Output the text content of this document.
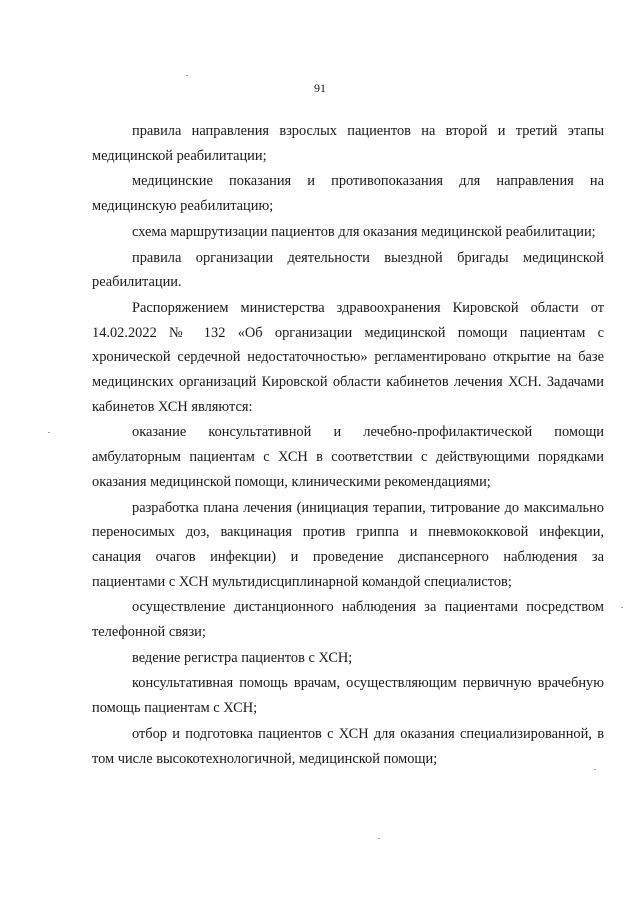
91

правила направления взрослых пациентов на второй и третий этапы медицинской реабилитации;

медицинские показания и противопоказания для направления на медицинскую реабилитацию;

схема маршрутизации пациентов для оказания медицинской реабилитации;

правила организации деятельности выездной бригады медицинской реабилитации.

Распоряжением министерства здравоохранения Кировской области от 14.02.2022 № 132 «Об организации медицинской помощи пациентам с хронической сердечной недостаточностью» регламентировано открытие на базе медицинских организаций Кировской области кабинетов лечения ХСН. Задачами кабинетов ХСН являются:

оказание консультативной и лечебно-профилактической помощи амбулаторным пациентам с ХСН в соответствии с действующими порядками оказания медицинской помощи, клиническими рекомендациями;

разработка плана лечения (инициация терапии, титрование до максимально переносимых доз, вакцинация против гриппа и пневмококковой инфекции, санация очагов инфекции) и проведение диспансерного наблюдения за пациентами с ХСН мультидисциплинарной командой специалистов;

осуществление дистанционного наблюдения за пациентами посредством телефонной связи;

ведение регистра пациентов с ХСН;

консультативная помощь врачам, осуществляющим первичную врачебную помощь пациентам с ХСН;

отбор и подготовка пациентов с ХСН для оказания специализированной, в том числе высокотехнологичной, медицинской помощи;
